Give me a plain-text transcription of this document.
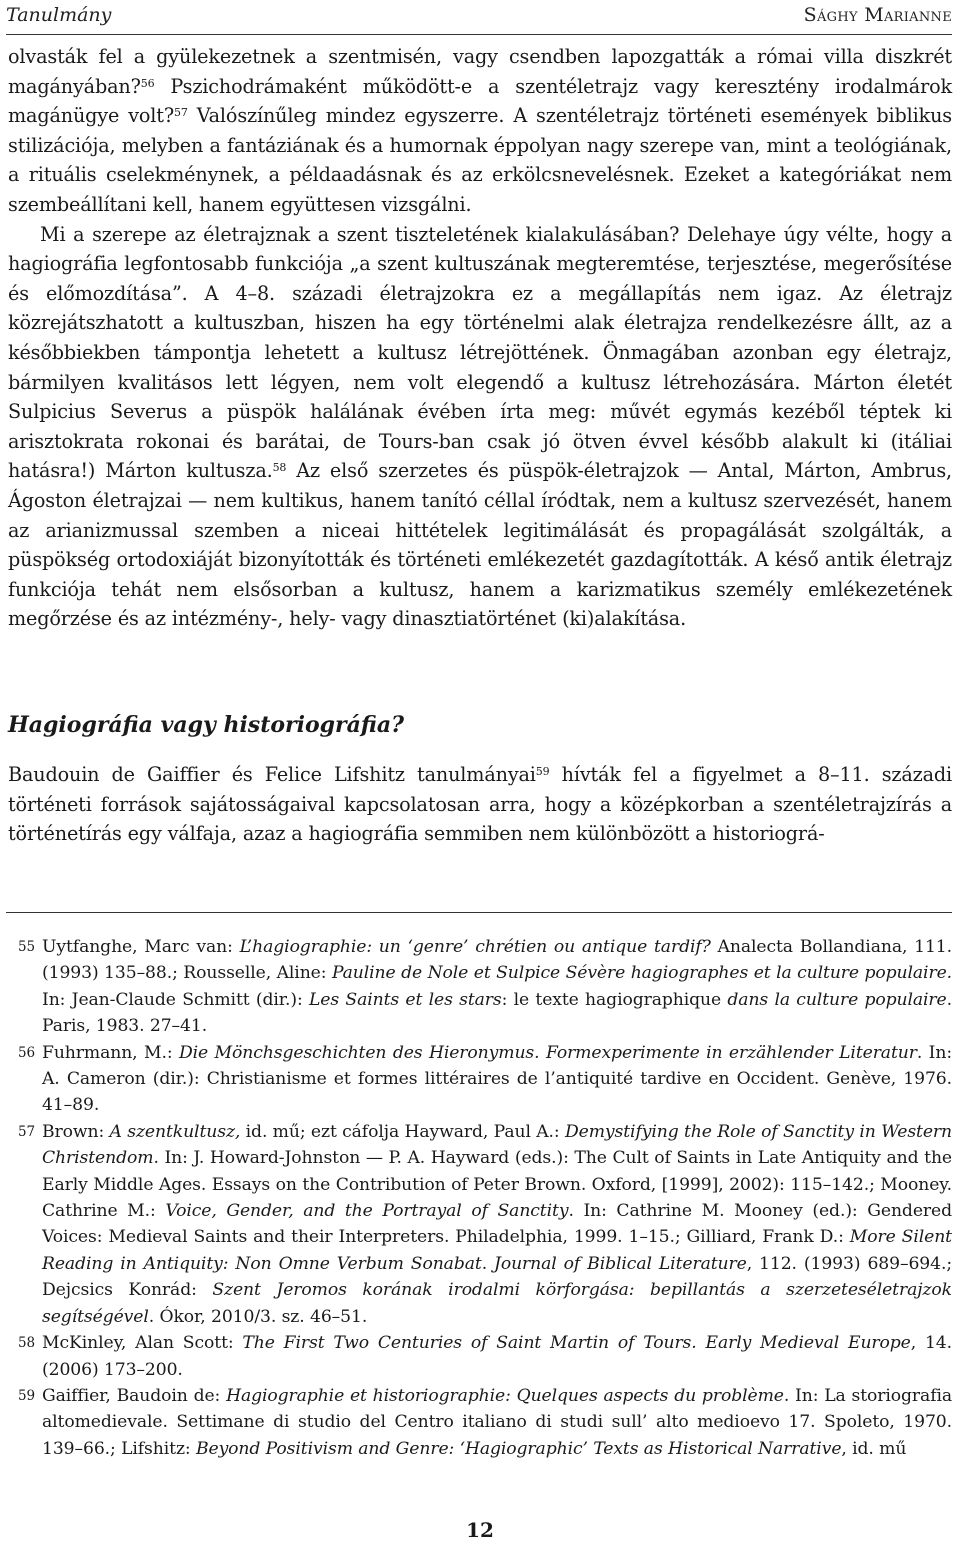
Tanulmány	Sághy Marianne

olvasták fel a gyülekezetnek a szentmisén, vagy csendben lapozgatták a római villa diszkrét magányában?$^{56}$ Pszichodrámaként működött-e a szentéletrajz vagy keresztény irodalmárok magánügye volt?$^{57}$ Valószínűleg mindez egyszerre. A szentéletrajz történeti események biblikus stilizációja, melyben a fantáziának és a humornak éppolyan nagy szerepe van, mint a teológiának, a rituális cselekménynek, a példaadásnak és az erkölcsnevelésnek. Ezeket a kategóriákat nem szembeállítani kell, hanem együttesen vizsgálni.

Mi a szerepe az életrajznak a szent tiszteletének kialakulásában? Delehaye úgy vélte, hogy a hagiográfia legfontosabb funkciója „a szent kultuszának megteremtése, terjesztése, megerősítése és előmozdítása”. A 4–8. századi életrajzokra ez a megállapítás nem igaz. Az életrajz közrejátszhatott a kultuszban, hiszen ha egy történelmi alak életrajza rendelkezésre állt, az a későbbiekben támpontja lehetett a kultusz létrejöttének. Önmagában azonban egy életrajz, bármilyen kvalitásos lett légyen, nem volt elegendő a kultusz létrehozására. Márton életét Sulpicius Severus a püspök halálának évében írta meg: művét egymás kezéből téptek ki arisztokrata rokonai és barátai, de Tours-ban csak jó ötven évvel később alakult ki (itáliai hatásra!) Márton kultusza.$^{58}$ Az első szerzetes és püspök-életrajzok — Antal, Márton, Ambrus, Ágoston életrajzai — nem kultikus, hanem tanító céllal íródtak, nem a kultusz szervezését, hanem az arianizmussal szemben a niceai hittételek legitimálását és propagálását szolgálták, a püspökség ortodoxiáját bizonyították és történeti emlékezetét gazdagították. A késő antik életrajz funkciója tehát nem elsősorban a kultusz, hanem a karizmatikus személy emlékezetének megőrzése és az intézmény-, hely- vagy dinasztiatörténet (ki)alakítása.

Hagiográfia vagy historiográfia?

Baudouin de Gaiffier és Felice Lifshitz tanulmányai$^{59}$ hívták fel a figyelmet a 8–11. századi történeti források sajátosságaival kapcsolatosan arra, hogy a középkorban a szentéletrajzírás a történetírás egy válfaja, azaz a hagiográfia semmiben nem különbözött a historiográ-

55 Uytfanghe, Marc van: L’hagiographie: un ‘genre’ chrétien ou antique tardif? Analecta Bollandiana, 111. (1993) 135–88.; Rousselle, Aline: Pauline de Nole et Sulpice Sévère hagiographes et la culture populaire. In: Jean-Claude Schmitt (dir.): Les Saints et les stars: le texte hagiographique dans la culture populaire. Paris, 1983. 27–41.
56 Fuhrmann, M.: Die Mönchsgeschichten des Hieronymus. Formexperimente in erzählender Literatur. In: A. Cameron (dir.): Christianisme et formes littéraires de l’antiquité tardive en Occident. Genève, 1976. 41–89.
57 Brown: A szentkultusz, id. mű; ezt cáfolja Hayward, Paul A.: Demystifying the Role of Sanctity in Western Christendom. In: J. Howard-Johnston — P. A. Hayward (eds.): The Cult of Saints in Late Antiquity and the Early Middle Ages. Essays on the Contribution of Peter Brown. Oxford, [1999], 2002): 115–142.; Mooney. Cathrine M.: Voice, Gender, and the Portrayal of Sanctity. In: Cathrine M. Mooney (ed.): Gendered Voices: Medieval Saints and their Interpreters. Philadelphia, 1999. 1–15.; Gilliard, Frank D.: More Silent Reading in Antiquity: Non Omne Verbum Sonabat. Journal of Biblical Literature, 112. (1993) 689–694.; Dejcsics Konrád: Szent Jeromos korának irodalmi körforgása: bepillantás a szerzeteséletrajzok segítségével. Ókor, 2010/3. sz. 46–51.
58 McKinley, Alan Scott: The First Two Centuries of Saint Martin of Tours. Early Medieval Europe, 14. (2006) 173–200.
59 Gaiffier, Baudoin de: Hagiographie et historiographie: Quelques aspects du problème. In: La storiografia altomedievale. Settimane di studio del Centro italiano di studi sull’ alto medioevo 17. Spoleto, 1970. 139–66.; Lifshitz: Beyond Positivism and Genre: ‘Hagiographic’ Texts as Historical Narrative, id. mű
12
